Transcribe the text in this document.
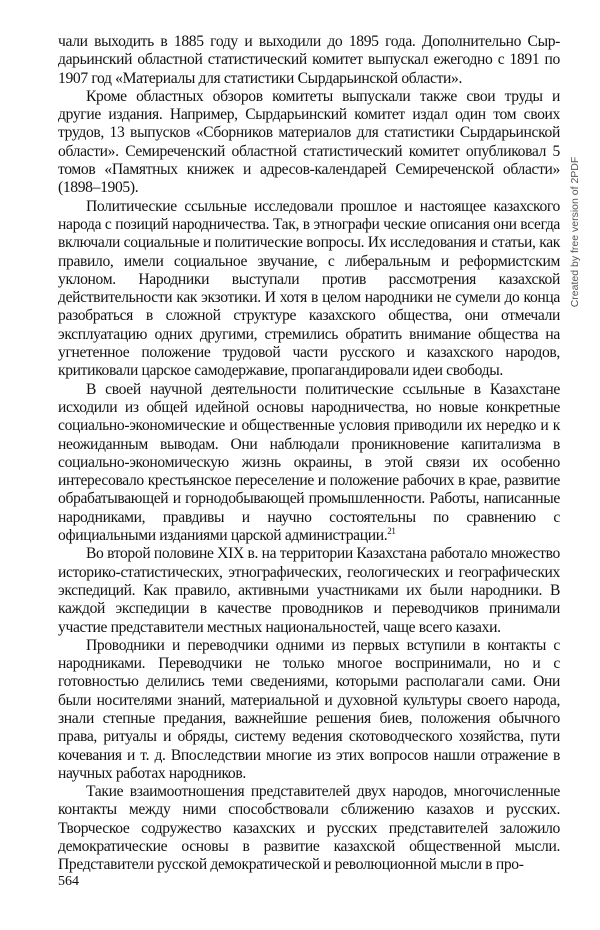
чали выходить в 1885 году и выходили до 1895 года. Дополнительно Сыр-дарьинский областной статистический комитет выпускал ежегодно с 1891 по 1907 год «Материалы для статистики Сырдарьинской области».

Кроме областных обзоров комитеты выпускали также свои труды и другие издания. Например, Сырдарьинский комитет издал один том своих трудов, 13 выпусков «Сборников материалов для статистики Сырдарьинской области». Семиреченский областной статистический комитет опубликовал 5 томов «Памятных книжек и адресов-календарей Семиреченской области» (1898–1905).

Политические ссыльные исследовали прошлое и настоящее казахского народа с позиций народничества. Так, в этнографи ческие описания они всегда включали социальные и политические вопросы. Их исследования и статьи, как правило, имели социальное звучание, с либеральным и реформистским уклоном. Народники выступали против рассмотрения казахской действительности как экзотики. И хотя в целом народники не сумели до конца разобраться в сложной структуре казахского общества, они отмечали эксплуатацию одних другими, стремились обратить внимание общества на угнетенное положение трудовой части русского и казахского народов, критиковали царское самодержавие, пропагандировали идеи свободы.

В своей научной деятельности политические ссыльные в Казахстане исходили из общей идейной основы народничества, но новые конкретные социально-экономические и общественные условия приводили их нередко и к неожиданным выводам. Они наблюдали проникновение капитализма в социально-экономическую жизнь окраины, в этой связи их особенно интересовало крестьянское переселение и положение рабочих в крае, развитие обрабатывающей и горнодобывающей промышленности. Работы, написанные народниками, правдивы и научно состоятельны по сравнению с официальными изданиями царской администрации.$^{21}$

Во второй половине XIX в. на территории Казахстана работало множество историко-статистических, этнографических, геологических и географических экспедиций. Как правило, активными участниками их были народники. В каждой экспедиции в качестве проводников и переводчиков принимали участие представители местных национальностей, чаще всего казахи.

Проводники и переводчики одними из первых вступили в контакты с народниками. Переводчики не только многое воспринимали, но и с готовностью делились теми сведениями, которыми располагали сами. Они были носителями знаний, материальной и духовной культуры своего народа, знали степные предания, важнейшие решения биев, положения обычного права, ритуалы и обряды, систему ведения скотоводческого хозяйства, пути кочевания и т. д. Впоследствии многие из этих вопросов нашли отражение в научных работах народников.

Такие взаимоотношения представителей двух народов, многочисленные контакты между ними способствовали сближению казахов и русских. Творческое содружество казахских и русских представителей заложило демократические основы в развитие казахской общественной мысли. Представители русской демократической и революционной мысли в про-

564
Created by free version of 2PDF
